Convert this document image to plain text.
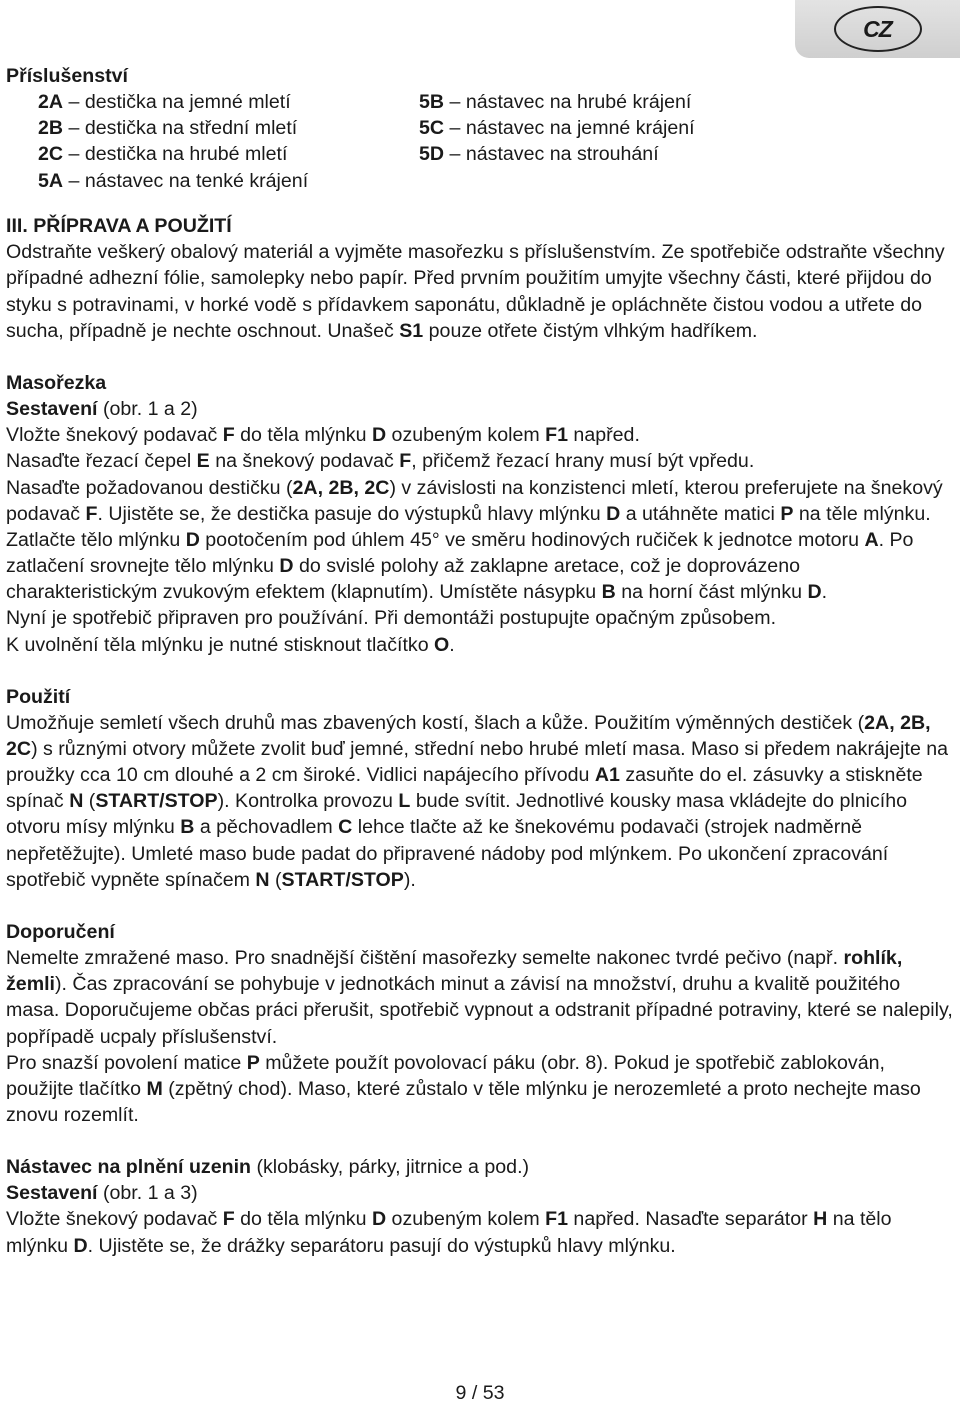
CZ

Příslušenství

2A – destička na jemné mletí
2B – destička na střední mletí
2C – destička na hrubé mletí
5A – nástavec na tenké krájení
5B – nástavec na hrubé krájení
5C – nástavec na jemné krájení
5D – nástavec na strouhání

III. PŘÍPRAVA A POUŽITÍ

Odstraňte veškerý obalový materiál a vyjměte masořezku s příslušenstvím. Ze spotřebiče odstraňte všechny případné adhezní fólie, samolepky nebo papír. Před prvním použitím umyjte všechny části, které přijdou do styku s potravinami, v horké vodě s přídavkem saponátu, důkladně je opláchněte čistou vodou a utřete do sucha, případně je nechte oschnout. Unašeč S1 pouze otřete čistým vlhkým hadříkem.

Masořezka

Sestavení (obr. 1 a 2)

Vložte šnekový podavač F do těla mlýnku D ozubeným kolem F1 napřed.

Nasaďte řezací čepel E na šnekový podavač F, přičemž řezací hrany musí být vpředu.

Nasaďte požadovanou destičku (2A, 2B, 2C) v závislosti na konzistenci mletí, kterou preferujete na šnekový podavač F. Ujistěte se, že destička pasuje do výstupků hlavy mlýnku D a utáhněte matici P na těle mlýnku. Zatlačte tělo mlýnku D pootočením pod úhlem 45° ve směru hodinových ručiček k jednotce motoru A. Po zatlačení srovnejte tělo mlýnku D do svislé polohy až zaklapne aretace, což je doprovázeno charakteristickým zvukovým efektem (klapnutím). Umístěte násypku B na horní část mlýnku D.

Nyní je spotřebič připraven pro používání. Při demontáži postupujte opačným způsobem.

K uvolnění těla mlýnku je nutné stisknout tlačítko O.

Použití

Umožňuje semletí všech druhů mas zbavených kostí, šlach a kůže. Použitím výměnných destiček (2A, 2B, 2C) s různými otvory můžete zvolit buď jemné, střední nebo hrubé mletí masa. Maso si předem nakrájejte na proužky cca 10 cm dlouhé a 2 cm široké. Vidlici napájecího přívodu A1 zasuňte do el. zásuvky a stiskněte spínač N (START/STOP). Kontrolka provozu L bude svítit. Jednotlivé kousky masa vkládejte do plnicího otvoru mísy mlýnku B a pěchovadlem C lehce tlačte až ke šnekovému podavači (strojek nadměrně nepřetěžujte). Umleté maso bude padat do připravené nádoby pod mlýnkem. Po ukončení zpracování spotřebič vypněte spínačem N (START/STOP).

Doporučení

Nemelte zmražené maso. Pro snadnější čištění masořezky semelte nakonec tvrdé pečivo (např. rohlík, žemli). Čas zpracování se pohybuje v jednotkách minut a závisí na množství, druhu a kvalitě použitého masa. Doporučujeme občas práci přerušit, spotřebič vypnout a odstranit případné potraviny, které se nalepily, popřípadě ucpaly příslušenství.

Pro snazší povolení matice P můžete použít povolovací páku (obr. 8). Pokud je spotřebič zablokován, použijte tlačítko M (zpětný chod). Maso, které zůstalo v těle mlýnku je nerozemleté a proto nechejte maso znovu rozemlít.

Nástavec na plnění uzenin (klobásky, párky, jitrnice a pod.)

Sestavení (obr. 1 a 3)

Vložte šnekový podavač F do těla mlýnku D ozubeným kolem F1 napřed. Nasaďte separátor H na tělo mlýnku D. Ujistěte se, že drážky separátoru pasují do výstupků hlavy mlýnku.

9 / 53
